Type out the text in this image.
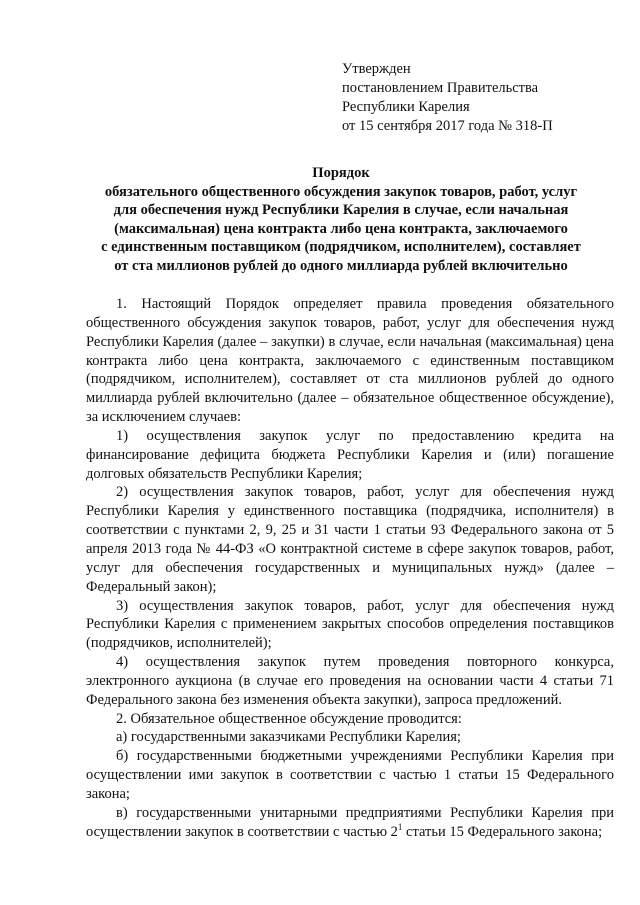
Утвержден
постановлением Правительства
Республики Карелия
от 15 сентября 2017 года № 318-П
Порядок
обязательного общественного обсуждения закупок товаров, работ, услуг
для обеспечения нужд Республики Карелия в случае, если начальная
(максимальная) цена контракта либо цена контракта, заключаемого
с единственным поставщиком (подрядчиком, исполнителем), составляет
от ста миллионов рублей до одного миллиарда рублей включительно

1. Настоящий Порядок определяет правила проведения обязательного общественного обсуждения закупок товаров, работ, услуг для обеспечения нужд Республики Карелия (далее – закупки) в случае, если начальная (максимальная) цена контракта либо цена контракта, заключаемого с единственным поставщиком (подрядчиком, исполнителем), составляет от ста миллионов рублей до одного миллиарда рублей включительно (далее – обязательное общественное обсуждение), за исключением случаев:

1) осуществления закупок услуг по предоставлению кредита на финансирование дефицита бюджета Республики Карелия и (или) погашение долговых обязательств Республики Карелия;

2) осуществления закупок товаров, работ, услуг для обеспечения нужд Республики Карелия у единственного поставщика (подрядчика, исполнителя) в соответствии с пунктами 2, 9, 25 и 31 части 1 статьи 93 Федерального закона от 5 апреля 2013 года № 44-ФЗ «О контрактной системе в сфере закупок товаров, работ, услуг для обеспечения государственных и муниципальных нужд» (далее – Федеральный закон);

3) осуществления закупок товаров, работ, услуг для обеспечения нужд Республики Карелия с применением закрытых способов определения поставщиков (подрядчиков, исполнителей);

4) осуществления закупок путем проведения повторного конкурса, электронного аукциона (в случае его проведения на основании части 4 статьи 71 Федерального закона без изменения объекта закупки), запроса предложений.

2. Обязательное общественное обсуждение проводится:

а) государственными заказчиками Республики Карелия;

б) государственными бюджетными учреждениями Республики Карелия при осуществлении ими закупок в соответствии с частью 1 статьи 15 Федерального закона;

в) государственными унитарными предприятиями Республики Карелия при осуществлении закупок в соответствии с частью $2^1$ статьи 15 Федерального закона;
